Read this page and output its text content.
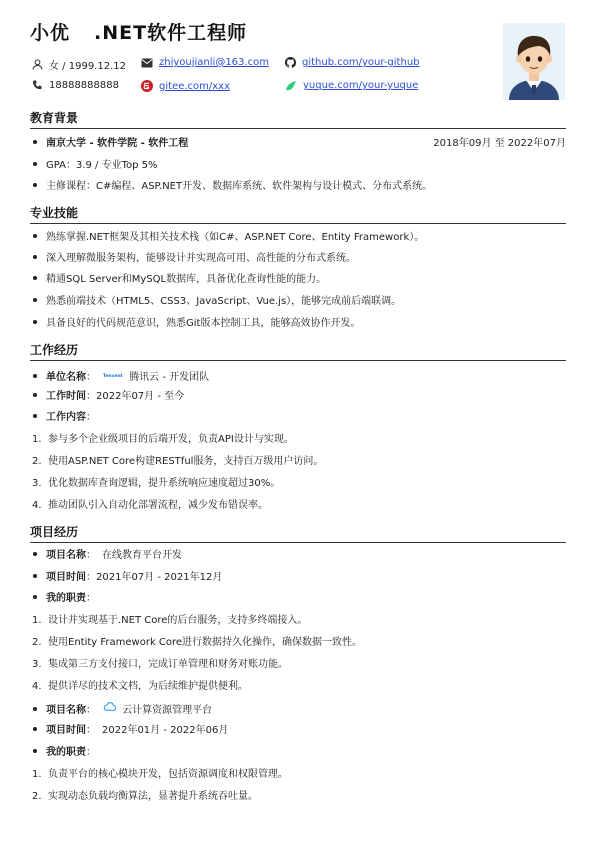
小优 .NET软件工程师
女 / 1999.12.12	zhiyoujianli@163.com	github.com/your-github
18888888888	gitee.com/xxx	yuque.com/your-yuque
教育背景
南京大学 - 软件学院 - 软件工程	2018年09月 至 2022年07月
GPA：3.9 / 专业Top 5%
主修课程：C#编程、ASP.NET开发、数据库系统、软件架构与设计模式、分布式系统。
专业技能
熟练掌握.NET框架及其相关技术栈（如C#、ASP.NET Core、Entity Framework）。
深入理解微服务架构，能够设计并实现高可用、高性能的分布式系统。
精通SQL Server和MySQL数据库，具备优化查询性能的能力。
熟悉前端技术（HTML5、CSS3、JavaScript、Vue.js），能够完成前后端联调。
具备良好的代码规范意识，熟悉Git版本控制工具，能够高效协作开发。
工作经历
单位名称： Tencent 腾讯云 - 开发团队
工作时间：2022年07月 - 至今
工作内容：
1. 参与多个企业级项目的后端开发，负责API设计与实现。
2. 使用ASP.NET Core构建RESTful服务，支持百万级用户访问。
3. 优化数据库查询逻辑，提升系统响应速度超过30%。
4. 推动团队引入自动化部署流程，减少发布错误率。
项目经历
项目名称： 在线教育平台开发
项目时间：2021年07月 - 2021年12月
我的职责：
1. 设计并实现基于.NET Core的后台服务，支持多终端接入。
2. 使用Entity Framework Core进行数据持久化操作，确保数据一致性。
3. 集成第三方支付接口，完成订单管理和财务对账功能。
4. 提供详尽的技术文档，为后续维护提供便利。
项目名称： 云计算资源管理平台
项目时间： 2022年01月 - 2022年06月
我的职责：
1. 负责平台的核心模块开发，包括资源调度和权限管理。
2. 实现动态负载均衡算法，显著提升系统吞吐量。
